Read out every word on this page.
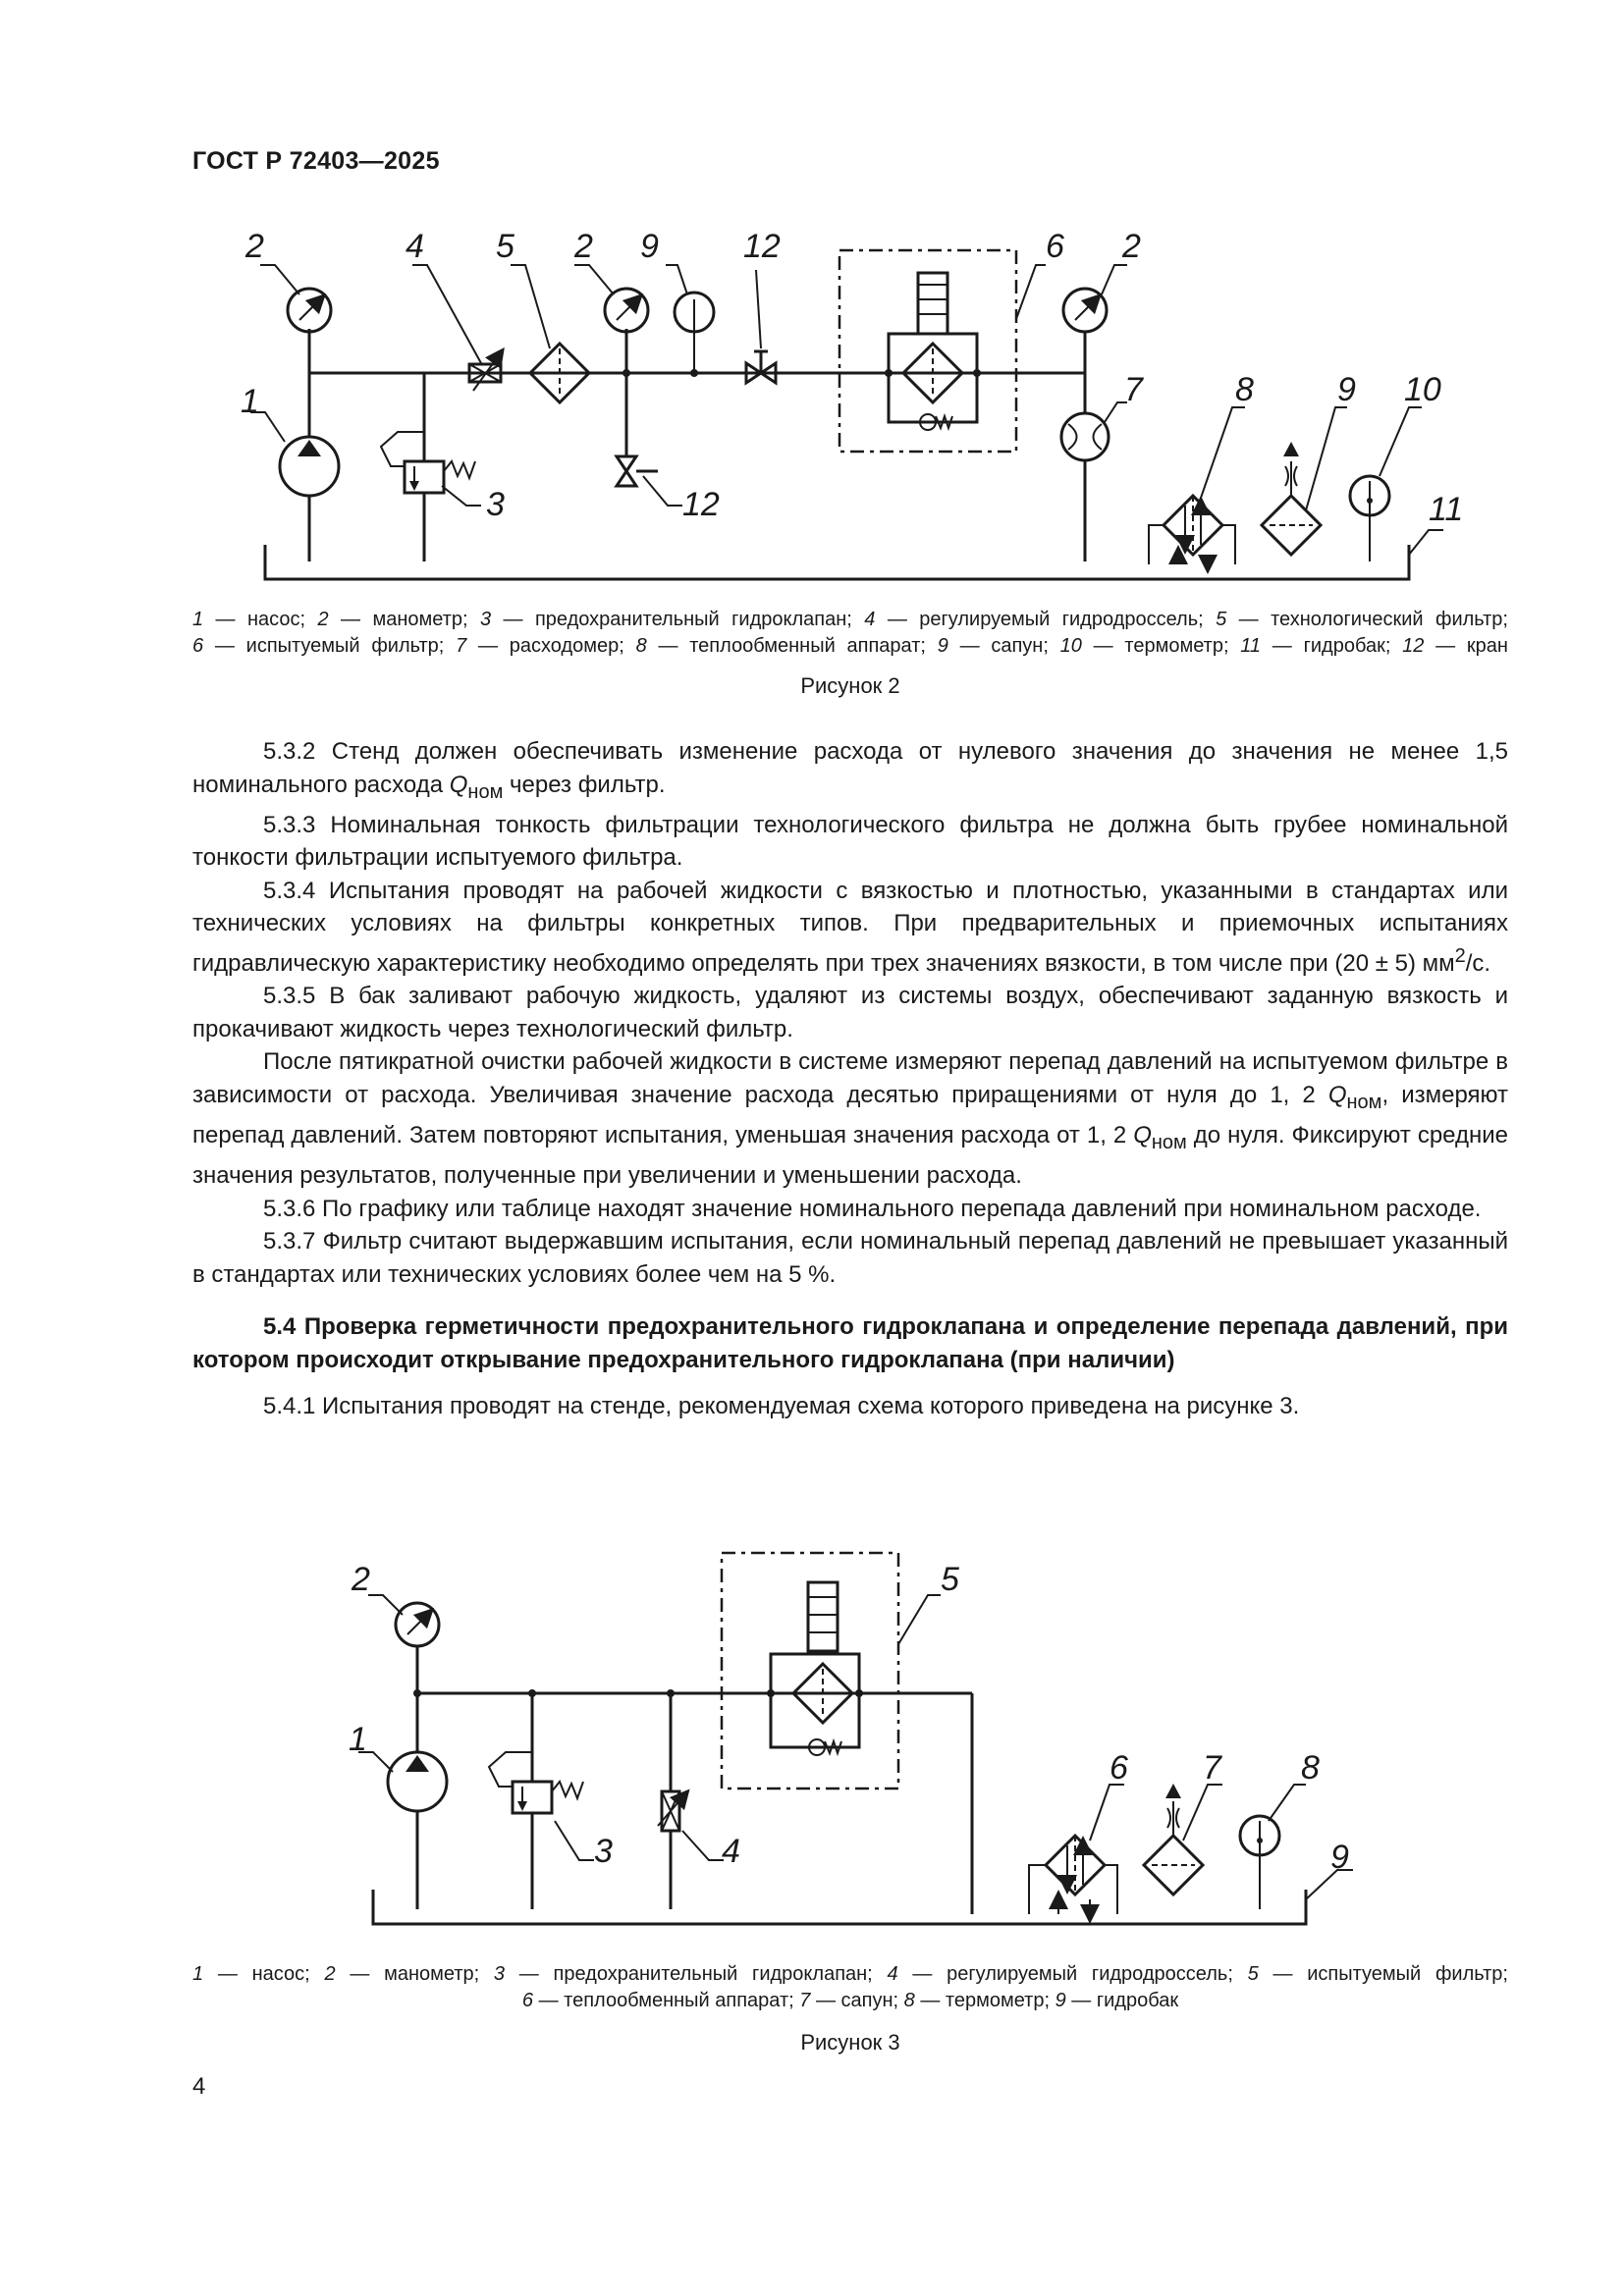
ГОСТ Р 72403—2025
2
1
4 5 2 9	12
3	12
6 2
7	8	9 10
11
1 — насос; 2 — манометр; 3 — предохранительный гидроклапан; 4 — регулируемый гидродроссель; 5 — технологический фильтр;
6 — испытуемый фильтр; 7 — расходомер; 8 — теплообменный аппарат; 9 — сапун; 10 — термометр; 11 — гидробак; 12 — кран
Рисунок 2

5.3.2 Стенд должен обеспечивать изменение расхода от нулевого значения до значения не менее 1,5 номинального расхода $Q_{ном}$ через фильтр.

5.3.3 Номинальная тонкость фильтрации технологического фильтра не должна быть грубее номинальной тонкости фильтрации испытуемого фильтра.

5.3.4 Испытания проводят на рабочей жидкости с вязкостью и плотностью, указанными в стандартах или технических условиях на фильтры конкретных типов. При предварительных и приемочных испытаниях гидравлическую характеристику необходимо определять при трех значениях вязкости, в том числе при (20 ± 5) $мм^2/с$.

5.3.5 В бак заливают рабочую жидкость, удаляют из системы воздух, обеспечивают заданную вязкость и прокачивают жидкость через технологический фильтр.

После пятикратной очистки рабочей жидкости в системе измеряют перепад давлений на испытуемом фильтре в зависимости от расхода. Увеличивая значение расхода десятью приращениями от нуля до 1, 2 $Q_{ном}$, измеряют перепад давлений. Затем повторяют испытания, уменьшая значения расхода от 1, 2 $Q_{ном}$ до нуля. Фиксируют средние значения результатов, полученные при увеличении и уменьшении расхода.

5.3.6 По графику или таблице находят значение номинального перепада давлений при номинальном расходе.

5.3.7 Фильтр считают выдержавшим испытания, если номинальный перепад давлений не превышает указанный в стандартах или технических условиях более чем на 5 %.

5.4 Проверка герметичности предохранительного гидроклапана и определение перепада давлений, при котором происходит открывание предохранительного гидроклапана (при наличии)

5.4.1 Испытания проводят на стенде, рекомендуемая схема которого приведена на рисунке 3.

2
1
5
3	4
6 7 8
9
1 — насос; 2 — манометр; 3 — предохранительный гидроклапан; 4 — регулируемый гидродроссель; 5 — испытуемый фильтр;
6 — теплообменный аппарат; 7 — сапун; 8 — термометр; 9 — гидробак
Рисунок 3
4
